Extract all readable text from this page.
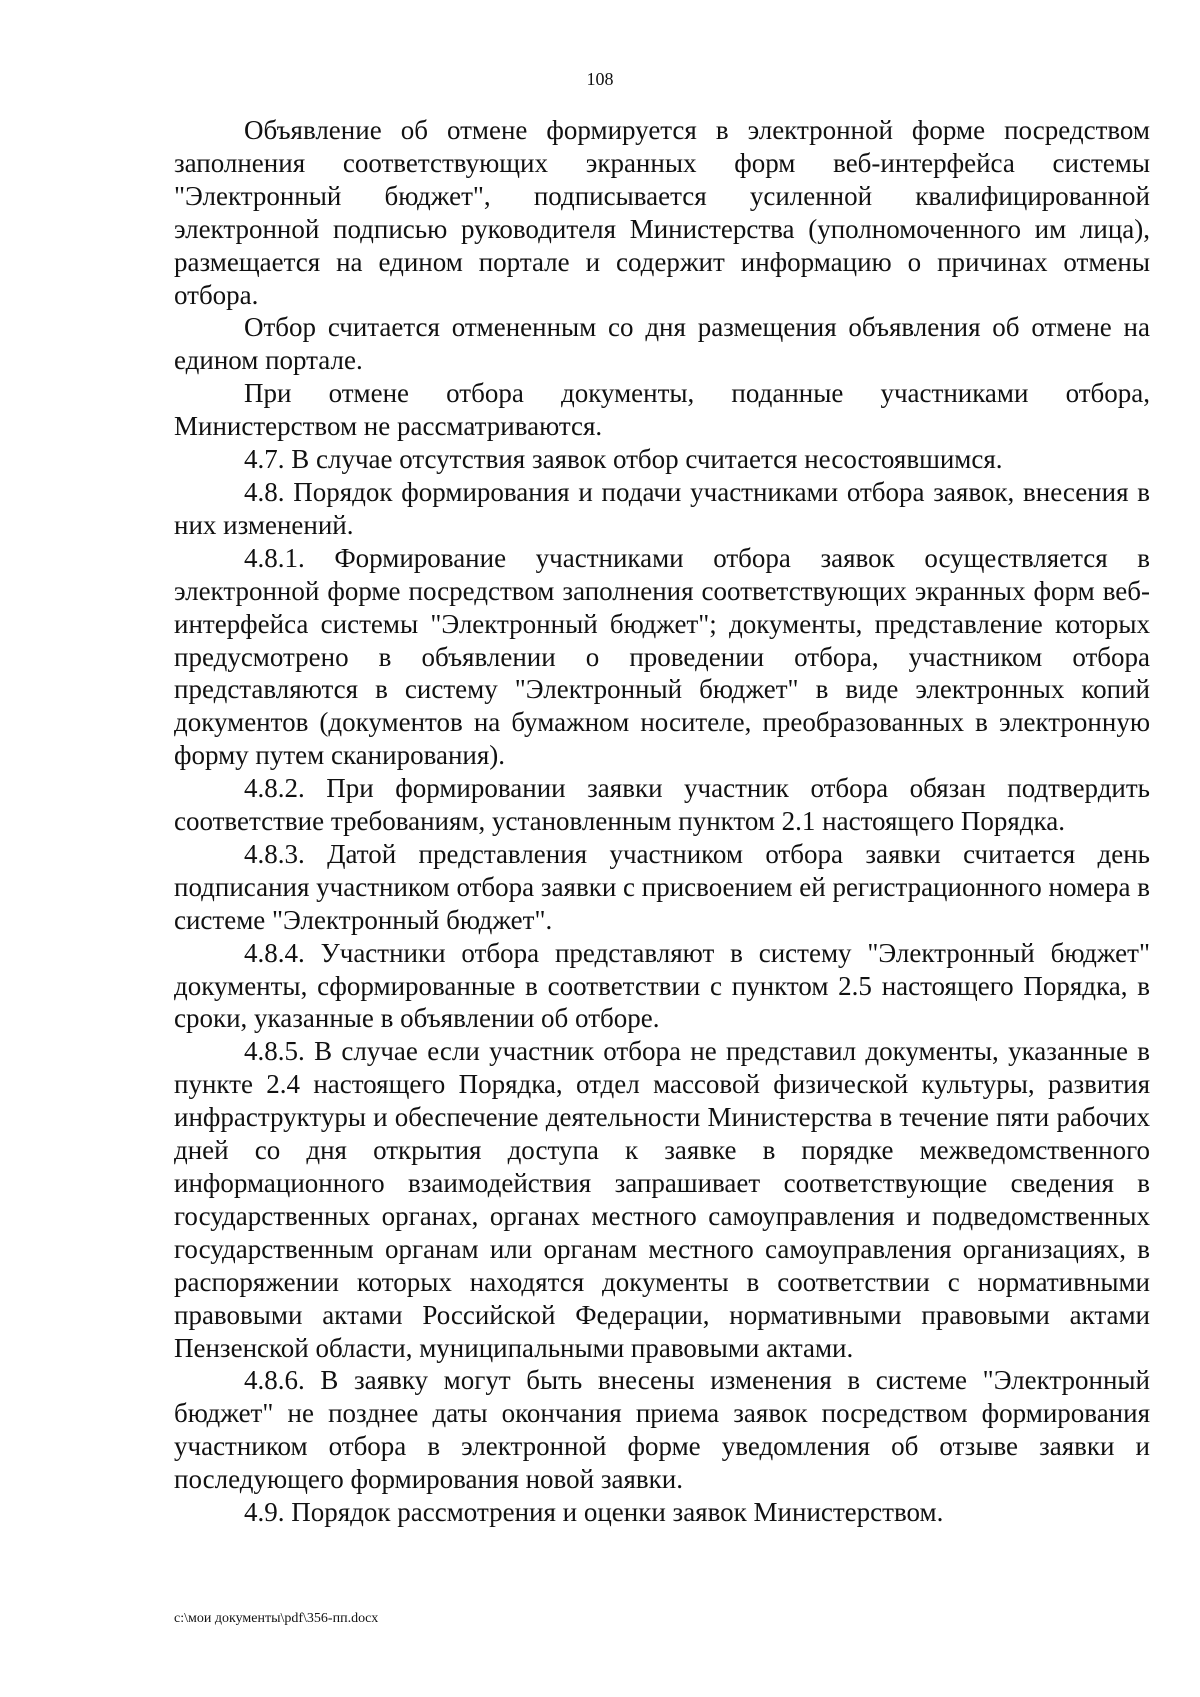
108

Объявление об отмене формируется в электронной форме посредством заполнения соответствующих экранных форм веб-интерфейса системы "Электронный бюджет", подписывается усиленной квалифицированной электронной подписью руководителя Министерства (уполномоченного им лица), размещается на едином портале и содержит информацию о причинах отмены отбора.

Отбор считается отмененным со дня размещения объявления об отмене на едином портале.

При отмене отбора документы, поданные участниками отбора, Министерством не рассматриваются.

4.7. В случае отсутствия заявок отбор считается несостоявшимся.

4.8. Порядок формирования и подачи участниками отбора заявок, внесения в них изменений.

4.8.1. Формирование участниками отбора заявок осуществляется в электронной форме посредством заполнения соответствующих экранных форм веб-интерфейса системы "Электронный бюджет"; документы, представление которых предусмотрено в объявлении о проведении отбора, участником отбора представляются в систему "Электронный бюджет" в виде электронных копий документов (документов на бумажном носителе, преобразованных в электронную форму путем сканирования).

4.8.2. При формировании заявки участник отбора обязан подтвердить соответствие требованиям, установленным пунктом 2.1 настоящего Порядка.

4.8.3. Датой представления участником отбора заявки считается день подписания участником отбора заявки с присвоением ей регистрационного номера в системе "Электронный бюджет".

4.8.4. Участники отбора представляют в систему "Электронный бюджет" документы, сформированные в соответствии с пунктом 2.5 настоящего Порядка, в сроки, указанные в объявлении об отборе.

4.8.5. В случае если участник отбора не представил документы, указанные в пункте 2.4 настоящего Порядка, отдел массовой физической культуры, развития инфраструктуры и обеспечение деятельности Министерства в течение пяти рабочих дней со дня открытия доступа к заявке в порядке межведомственного информационного взаимодействия запрашивает соответствующие сведения в государственных органах, органах местного самоуправления и подведомственных государственным органам или органам местного самоуправления организациях, в распоряжении которых находятся документы в соответствии с нормативными правовыми актами Российской Федерации, нормативными правовыми актами Пензенской области, муниципальными правовыми актами.

4.8.6. В заявку могут быть внесены изменения в системе "Электронный бюджет" не позднее даты окончания приема заявок посредством формирования участником отбора в электронной форме уведомления об отзыве заявки и последующего формирования новой заявки.

4.9. Порядок рассмотрения и оценки заявок Министерством.

c:\мои документы\pdf\356-пп.docx
